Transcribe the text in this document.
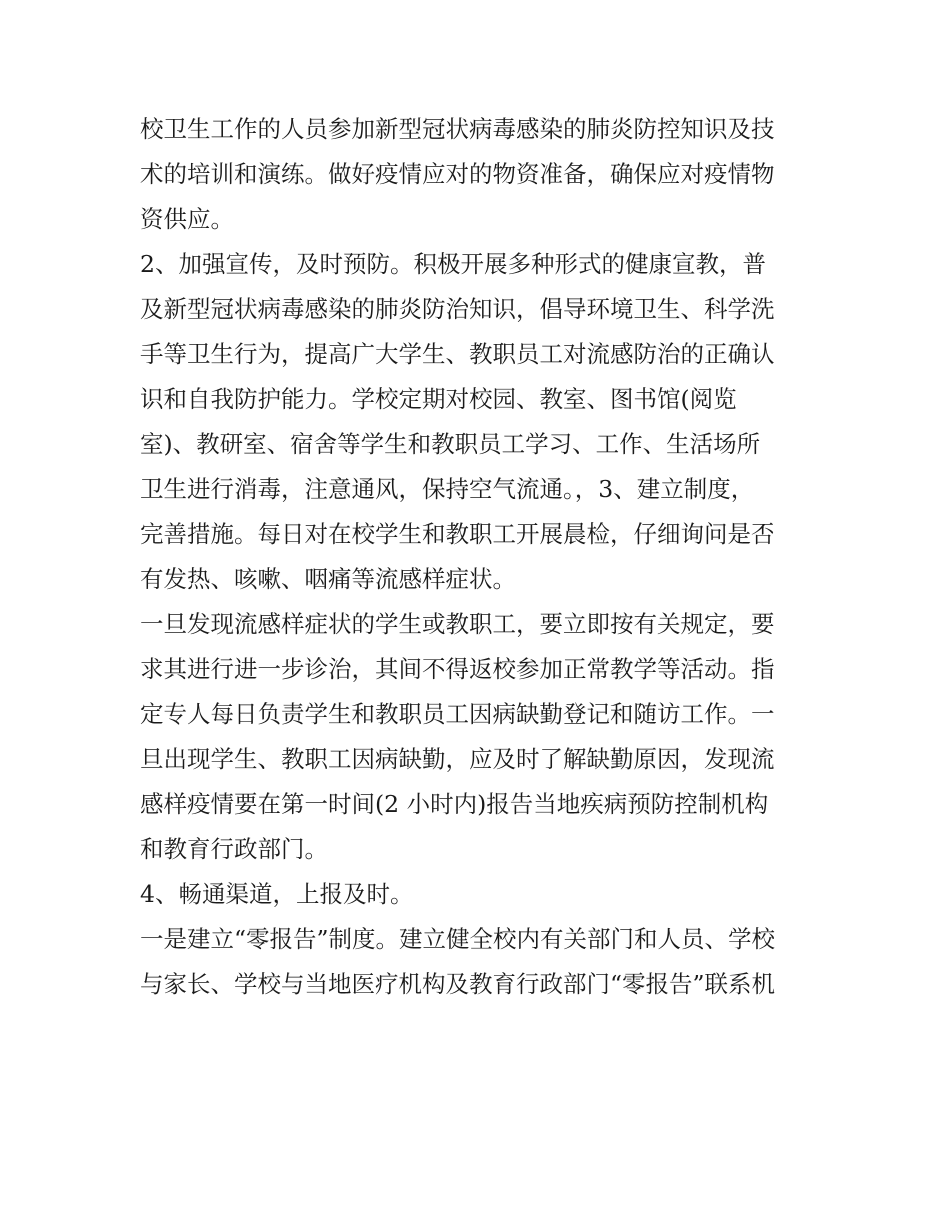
校卫生工作的人员参加新型冠状病毒感染的肺炎防控知识及技
术的培训和演练。做好疫情应对的物资准备，确保应对疫情物
资供应。
2、加强宣传，及时预防。积极开展多种形式的健康宣教，普
及新型冠状病毒感染的肺炎防治知识，倡导环境卫生、科学洗
手等卫生行为，提高广大学生、教职员工对流感防治的正确认
识和自我防护能力。学校定期对校园、教室、图书馆(阅览
室)、教研室、宿舍等学生和教职员工学习、工作、生活场所
卫生进行消毒，注意通风，保持空气流通。，3、建立制度，
完善措施。每日对在校学生和教职工开展晨检，仔细询问是否
有发热、咳嗽、咽痛等流感样症状。
一旦发现流感样症状的学生或教职工，要立即按有关规定，要
求其进行进一步诊治，其间不得返校参加正常教学等活动。指
定专人每日负责学生和教职员工因病缺勤登记和随访工作。一
旦出现学生、教职工因病缺勤，应及时了解缺勤原因，发现流
感样疫情要在第一时间(2 小时内)报告当地疾病预防控制机构
和教育行政部门。
4、畅通渠道，上报及时。
一是建立“零报告”制度。建立健全校内有关部门和人员、学校
与家长、学校与当地医疗机构及教育行政部门“零报告”联系机
